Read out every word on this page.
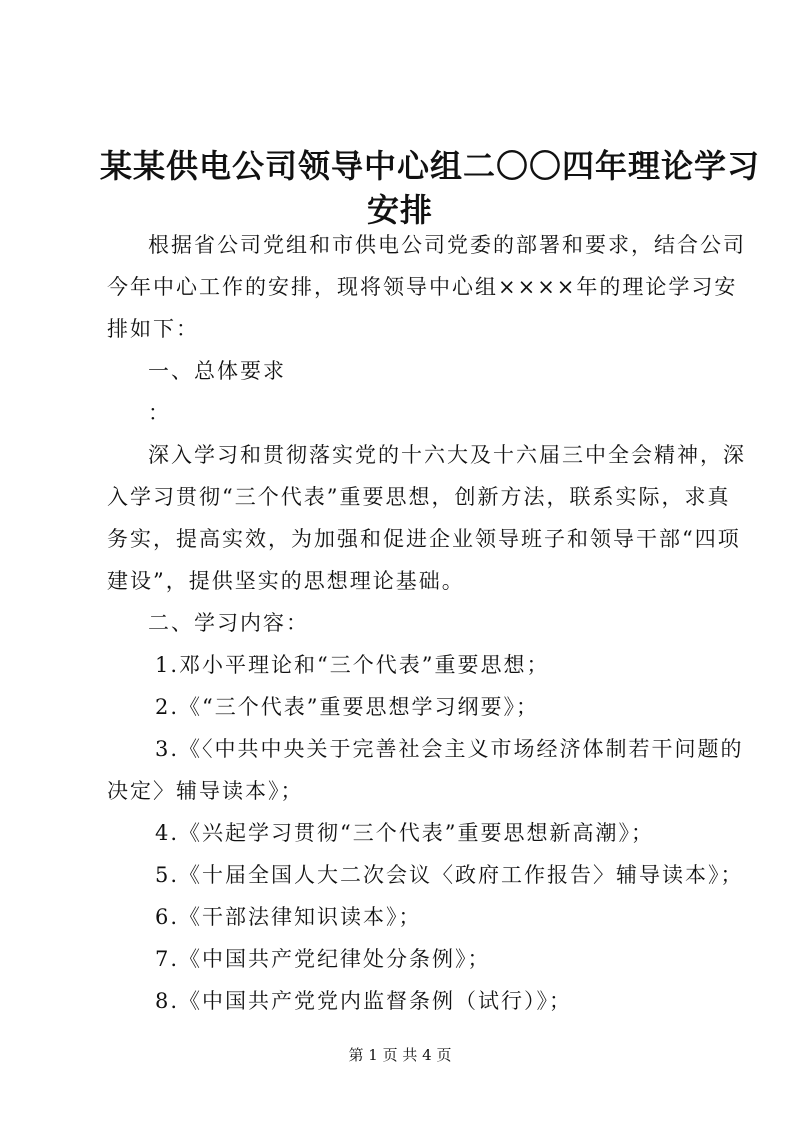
某某供电公司领导中心组二〇〇四年理论学习
安排
根据省公司党组和市供电公司党委的部署和要求，结合公司
今年中心工作的安排，现将领导中心组××××年的理论学习安
排如下：
一、总体要求
：
深入学习和贯彻落实党的十六大及十六届三中全会精神，深
入学习贯彻“三个代表”重要思想，创新方法，联系实际，求真
务实，提高实效，为加强和促进企业领导班子和领导干部“四项
建设”，提供坚实的思想理论基础。
二、学习内容：
1.邓小平理论和“三个代表”重要思想；
2.《“三个代表”重要思想学习纲要》；
3.《〈中共中央关于完善社会主义市场经济体制若干问题的
决定〉辅导读本》；
4.《兴起学习贯彻“三个代表”重要思想新高潮》；
5.《十届全国人大二次会议〈政府工作报告〉辅导读本》；
6.《干部法律知识读本》；
7.《中国共产党纪律处分条例》；
8.《中国共产党党内监督条例（试行）》；
第 1 页 共 4 页
